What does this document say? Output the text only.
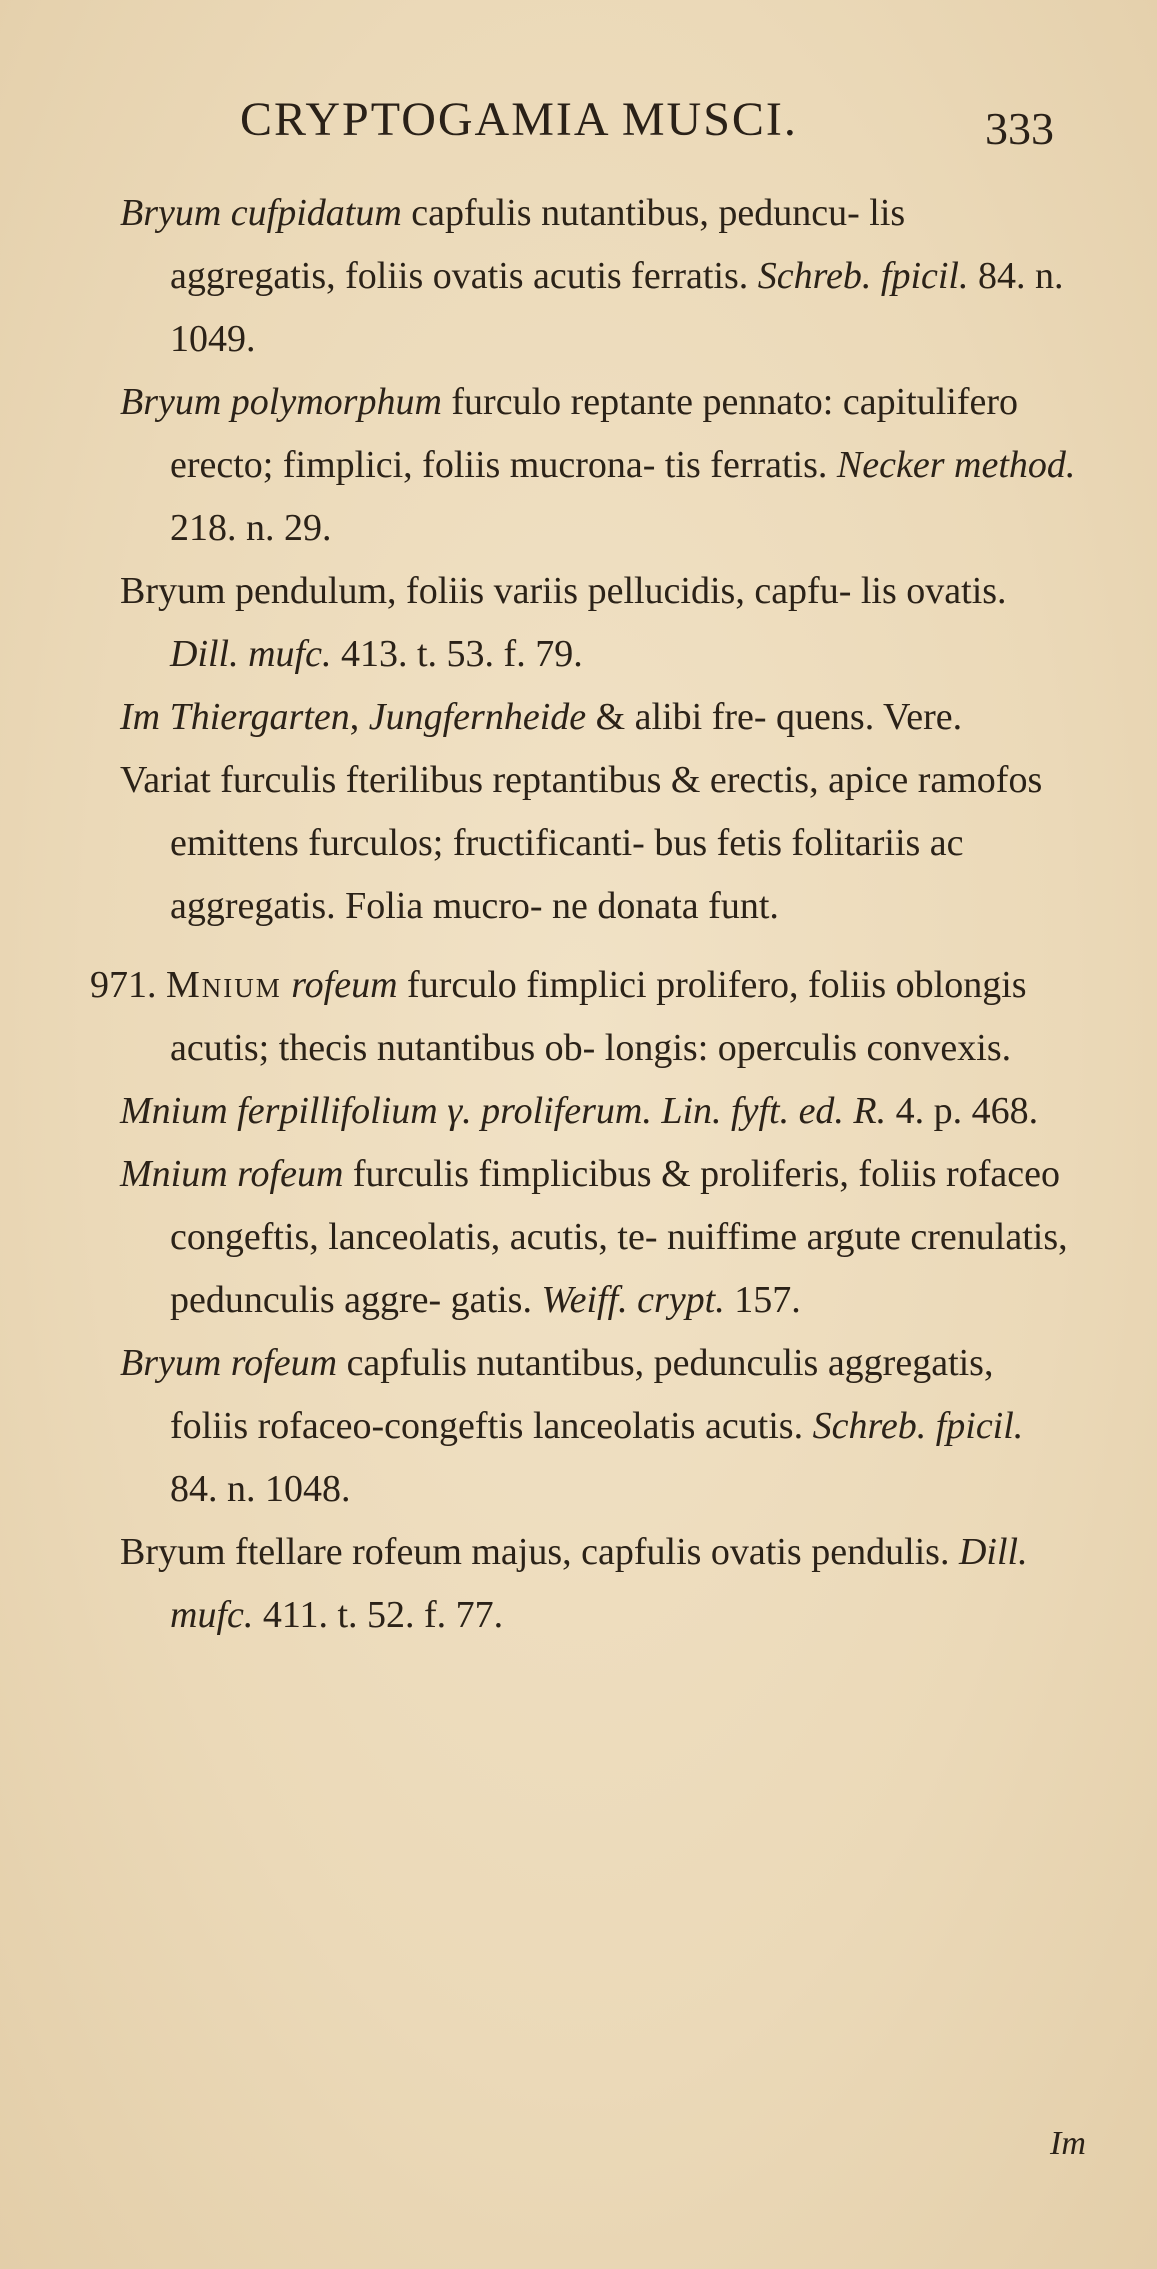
CRYPTOGAMIA MUSCI.	333

Bryum cufpidatum capfulis nutantibus, peduncu- lis aggregatis, foliis ovatis acutis ferratis. Schreb. fpicil. 84. n. 1049.

Bryum polymorphum furculo reptante pennato: capitulifero erecto; fimplici, foliis mucrona- tis ferratis. Necker method. 218. n. 29.

Bryum pendulum, foliis variis pellucidis, capfu- lis ovatis. Dill. mufc. 413. t. 53. f. 79.

Im Thiergarten, Jungfernheide & alibi fre- quens. Vere.

Variat furculis fterilibus reptantibus & erectis, apice ramofos emittens furculos; fructificanti- bus fetis folitariis ac aggregatis. Folia mucro- ne donata funt.

971. Mnium rofeum furculo fimplici prolifero, foliis oblongis acutis; thecis nutantibus ob- longis: operculis convexis.

Mnium ferpillifolium γ. proliferum. Lin. fyft. ed. R. 4. p. 468.

Mnium rofeum furculis fimplicibus & proliferis, foliis rofaceo congeftis, lanceolatis, acutis, te- nuiffime argute crenulatis, pedunculis aggre- gatis. Weiff. crypt. 157.

Bryum rofeum capfulis nutantibus, pedunculis aggregatis, foliis rofaceo-congeftis lanceolatis acutis. Schreb. fpicil. 84. n. 1048.

Bryum ftellare rofeum majus, capfulis ovatis pendulis. Dill. mufc. 411. t. 52. f. 77.

Im
